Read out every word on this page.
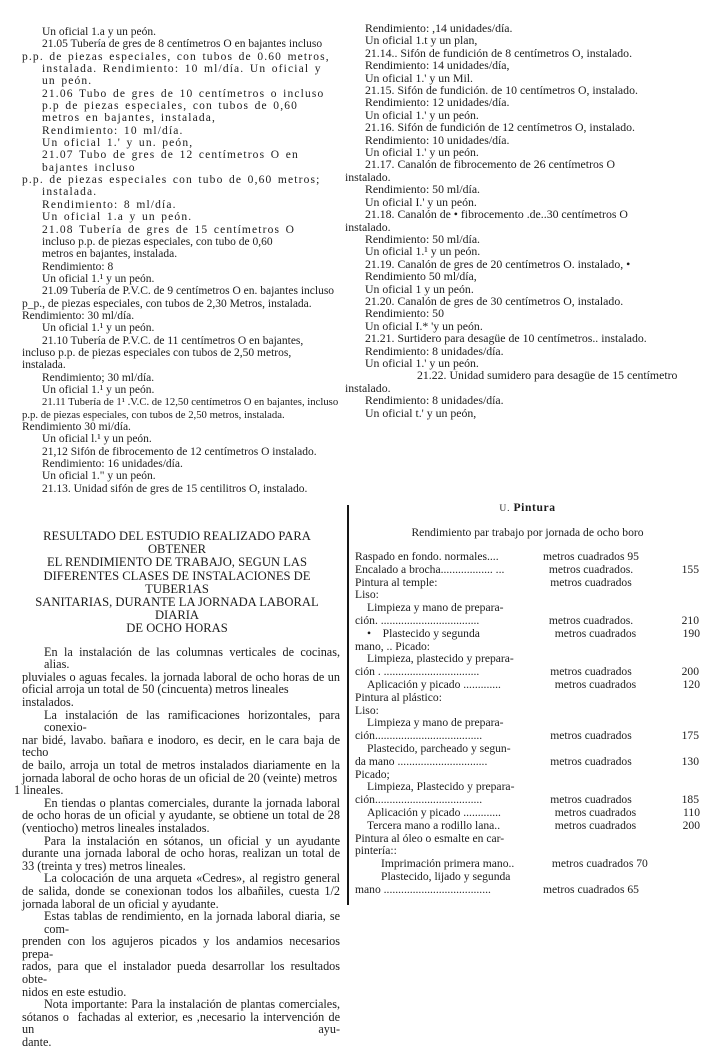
Un oficial 1.a y un peón.
21.05 Tubería de gres de 8 centímetros O en bajantes incluso
p.p. de piezas especiales, con tubos de 0.60 metros,
instalada. Rendimiento: 10 ml/día. Un oficial y
un peón.
21.06 Tubo de gres de 10 centímetros o incluso
p.p de piezas especiales, con tubos de 0,60
metros en bajantes, instalada,
Rendimiento: 10 ml/día.
Un oficial 1.' y un. peón,
21.07 Tubo de gres de 12 centímetros O en
bajantes incluso
p.p. de piezas especiales con tubo de 0,60 metros;
instalada.
Rendimiento: 8 ml/día.
Un oficial 1.a y un peón.
21.08 Tubería de gres de 15 centímetros O
incluso p.p. de piezas especiales, con tubo de 0,60
metros en bajantes, instalada.
Rendimiento: 8
Un oficial 1.¹ y un peón.
21.09 Tubería de P.V.C. de 9 centímetros O en. bajantes incluso
p_p., de piezas especiales, con tubos de 2,30 Metros, instalada.
Rendimiento: 30 ml/día.
Un oficial 1.¹ y un peón.
21.10 Tubería de P.V.C. de 11 centímetros O en bajantes,
incluso p.p. de piezas especiales con tubos de 2,50 metros,
instalada.
Rendimiento; 30 ml/día.
Un oficial 1.¹ y un peón.
21.11 Tubería de 1¹ .V.C. de 12,50 centímetros O en bajantes, incluso
p.p. de piezas especiales, con tubos de 2,50 metros, instalada.
Rendimiento 30 mi/día.
Un oficial l.¹ y un peón.
21,12 Sifón de fibrocemento de 12 centímetros O instalado.
Rendimiento: 16 unidades/día.
Un oficial 1." y un peón.
21.13. Unidad sifón de gres de 15 centilitros O, instalado.
Rendimiento: ,14 unidades/día.
Un oficial 1.t y un plan,
21.14.. Sifón de fundición de 8 centímetros O, instalado.
Rendimiento: 14 unidades/día,
Un oficial 1.' y un Mil.
21.15. Sifón de fundición. de 10 centímetros O, instalado.
Rendimiento: 12 unidades/día.
Un oficial 1.' y un peón.
21.16. Sifón de fundición de 12 centímetros O, instalado.
Rendimiento: 10 unidades/día.
Un oficial 1.' y un peón.
21.17. Canalón de fibrocemento de 26 centímetros O
instalado.
Rendimiento: 50 ml/día.
Un oficial I.' y un peón.
21.18. Canalón de • fibrocemento .de..30 centímetros O
instalado.
Rendimiento: 50 ml/día.
Un oficial 1.¹ y un peón.
21.19. Canalón de gres de 20 centímetros O. instalado, •
Rendimiento 50 ml/día,
Un oficial 1 y un peón.
21.20. Canalón de gres de 30 centímetros O, instalado.
Rendimiento: 50
Un oficial I.* 'y un peón.
21.21. Surtidero para desagüe de 10 centímetros.. instalado.
Rendimiento: 8 unidades/día.
Un oficial 1.' y un peón.
21.22. Unidad sumidero para desagüe de 15 centímetro
instalado.
Rendimiento: 8 unidades/día.
Un oficial t.' y un peón,
RESULTADO DEL ESTUDIO REALIZADO PARA OBTENER
EL RENDIMIENTO DE TRABAJO, SEGUN LAS
DIFERENTES CLASES DE INSTALACIONES DE TUBER1AS
SANITARIAS, DURANTE LA JORNADA LABORAL DIARIA
DE OCHO HORAS
En la instalación de las columnas verticales de cocinas, alias.
pluviales o aguas fecales. la jornada laboral de ocho horas de un
oficial arroja un total de 50 (cincuenta) metros lineales instalados.
La instalación de las ramificaciones horizontales, para conexio-
nar bidé, lavabo. bañara e inodoro, es decir, en le cara baja de techo
de bailo, arroja un total de metros instalados diariamente en la
jornada laboral de ocho horas de un oficial de 20 (veinte) metros
1 lineales.
En tiendas o plantas comerciales, durante la jornada laboral
de ocho horas de un oficial y ayudante, se obtiene un total de 28
(ventiocho) metros lineales instalados.
Para la instalación en sótanos, un oficial y un ayudante
durante una jornada laboral de ocho horas, realizan un total de
33 (treinta y tres) metros lineales.
La colocación de una arqueta «Cedres», al registro general
de salida, donde se conexionan todos los albañiles, cuesta 1/2
jornada laboral de un oficial y ayudante.
Estas tablas de rendimiento, en la jornada laboral diaria, se com-
prenden con los agujeros picados y los andamios necesarios prepa-
rados, para que el instalador pueda desarrollar los resultados obte-
nidos en este estudio.
Nota importante: Para la instalación de plantas comerciales,
sótanos o  fachadas al exterior, es ,necesario la intervención de un ayu-
dante.
U. Pintura
Rendimiento par trabajo por jornada de ocho boro
Raspado en fondo. normales....	metros cuadrados 95
Encalado a brocha.................. ...	metros cuadrados.	155
Pintura al temple:	metros cuadrados
Liso:
Limpieza y mano de prepara-
ción. ..................................	metros cuadrados.	210
•    Plastecido y segunda	metros cuadrados	190
mano, .. Picado:
Limpieza, plastecido y prepara-
ción . .................................	metros cuadrados	200
Aplicación y picado .............	metros cuadrados	120
Pintura al plástico:
Liso:
Limpieza y mano de prepara-
ción.....................................	metros cuadrados	175
Plastecido, parcheado y segun-
da mano ...............................	metros cuadrados	130
Picado;
Limpieza, Plastecido y prepara-
ción.....................................	metros cuadrados	185
Aplicación y picado .............	metros cuadrados	110
Tercera mano a rodillo lana..	metros cuadrados	200
Pintura al óleo o esmalte en car-
pintería::
Imprimación primera mano..	metros cuadrados 70
Plastecido, lijado y segunda
mano .....................................	metros cuadrados 65
